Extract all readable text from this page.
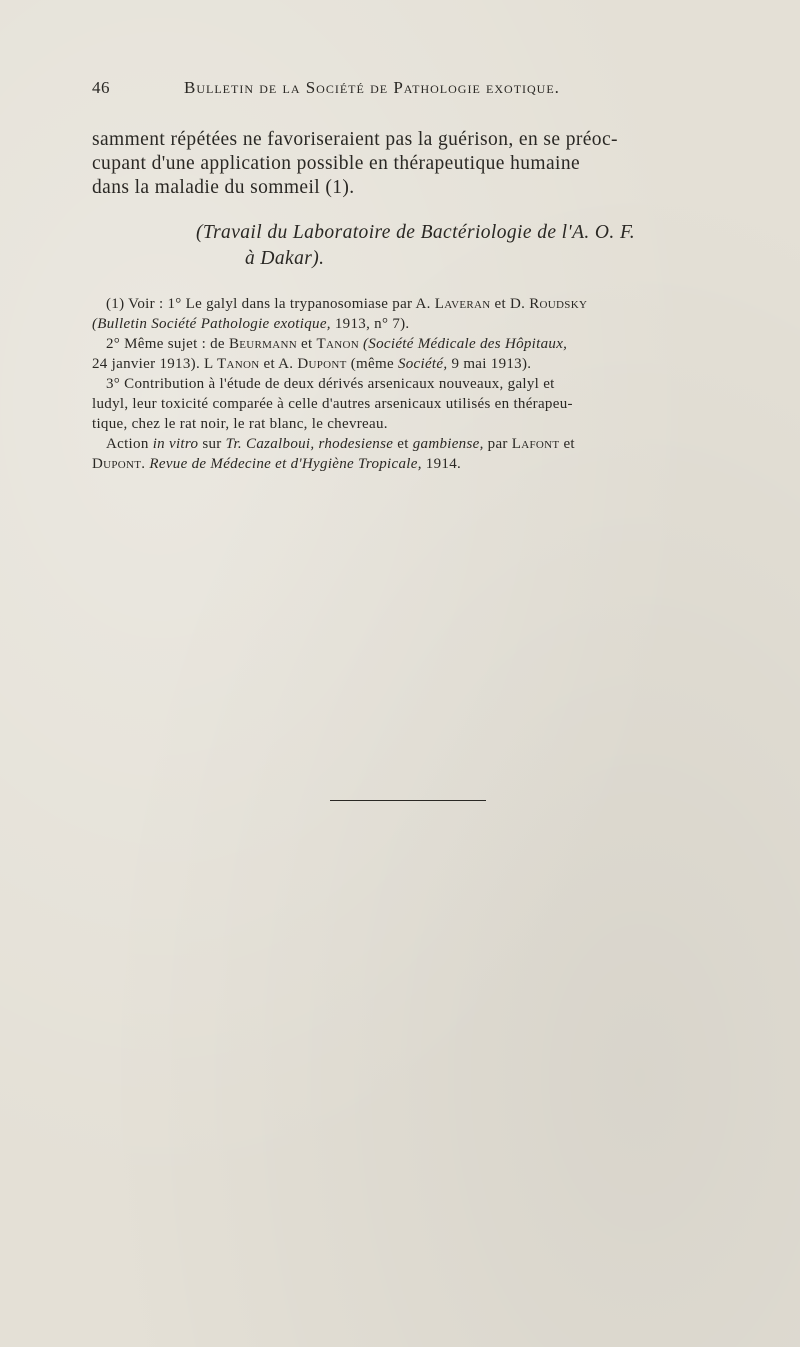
46	Bulletin de la Société de Pathologie exotique.
samment répétées ne favoriseraient pas la guérison, en se préoc-
cupant d'une application possible en thérapeutique humaine
dans la maladie du sommeil (1).
(Travail du Laboratoire de Bactériologie de l'A. O. F.
à Dakar).
(1) Voir : 1° Le galyl dans la trypanosomiase par A. Laveran et D. Roudsky
(Bulletin Société Pathologie exotique, 1913, n° 7).
2° Même sujet : de Beurmann et Tanon (Société Médicale des Hôpitaux,
24 janvier 1913). L Tanon et A. Dupont (même Société, 9 mai 1913).
3° Contribution à l'étude de deux dérivés arsenicaux nouveaux, galyl et
ludyl, leur toxicité comparée à celle d'autres arsenicaux utilisés en thérapeu-
tique, chez le rat noir, le rat blanc, le chevreau.
Action in vitro sur Tr. Cazalboui, rhodesiense et gambiense, par Lafont et
Dupont. Revue de Médecine et d'Hygiène Tropicale, 1914.
